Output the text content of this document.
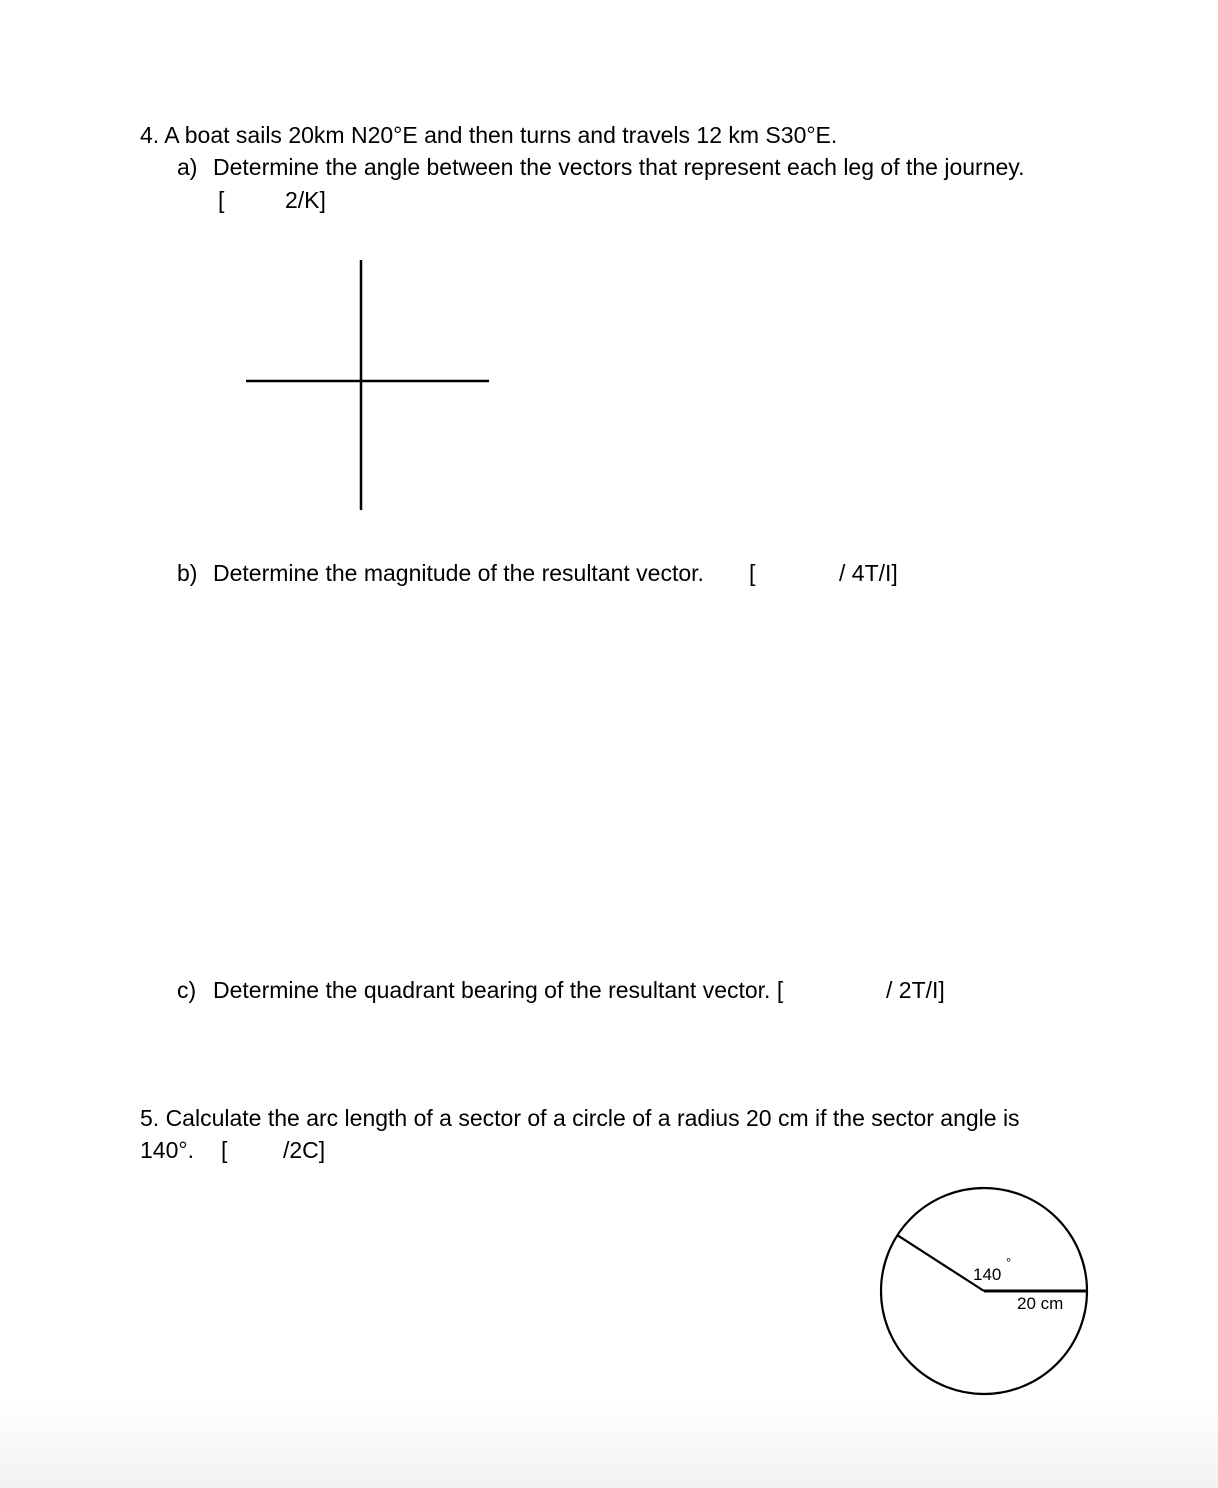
4. A boat sails 20km N20°E and then turns and travels 12 km S30°E.
a) Determine the angle between the vectors that represent each leg of the journey.
[	2/K]
b) Determine the magnitude of the resultant vector. [	/ 4T/I]
c) Determine the quadrant bearing of the resultant vector. [	/ 2T/I]
5. Calculate the arc length of a sector of a circle of a radius 20 cm if the sector angle is
140°. [ /2C]
140
°
20 cm
